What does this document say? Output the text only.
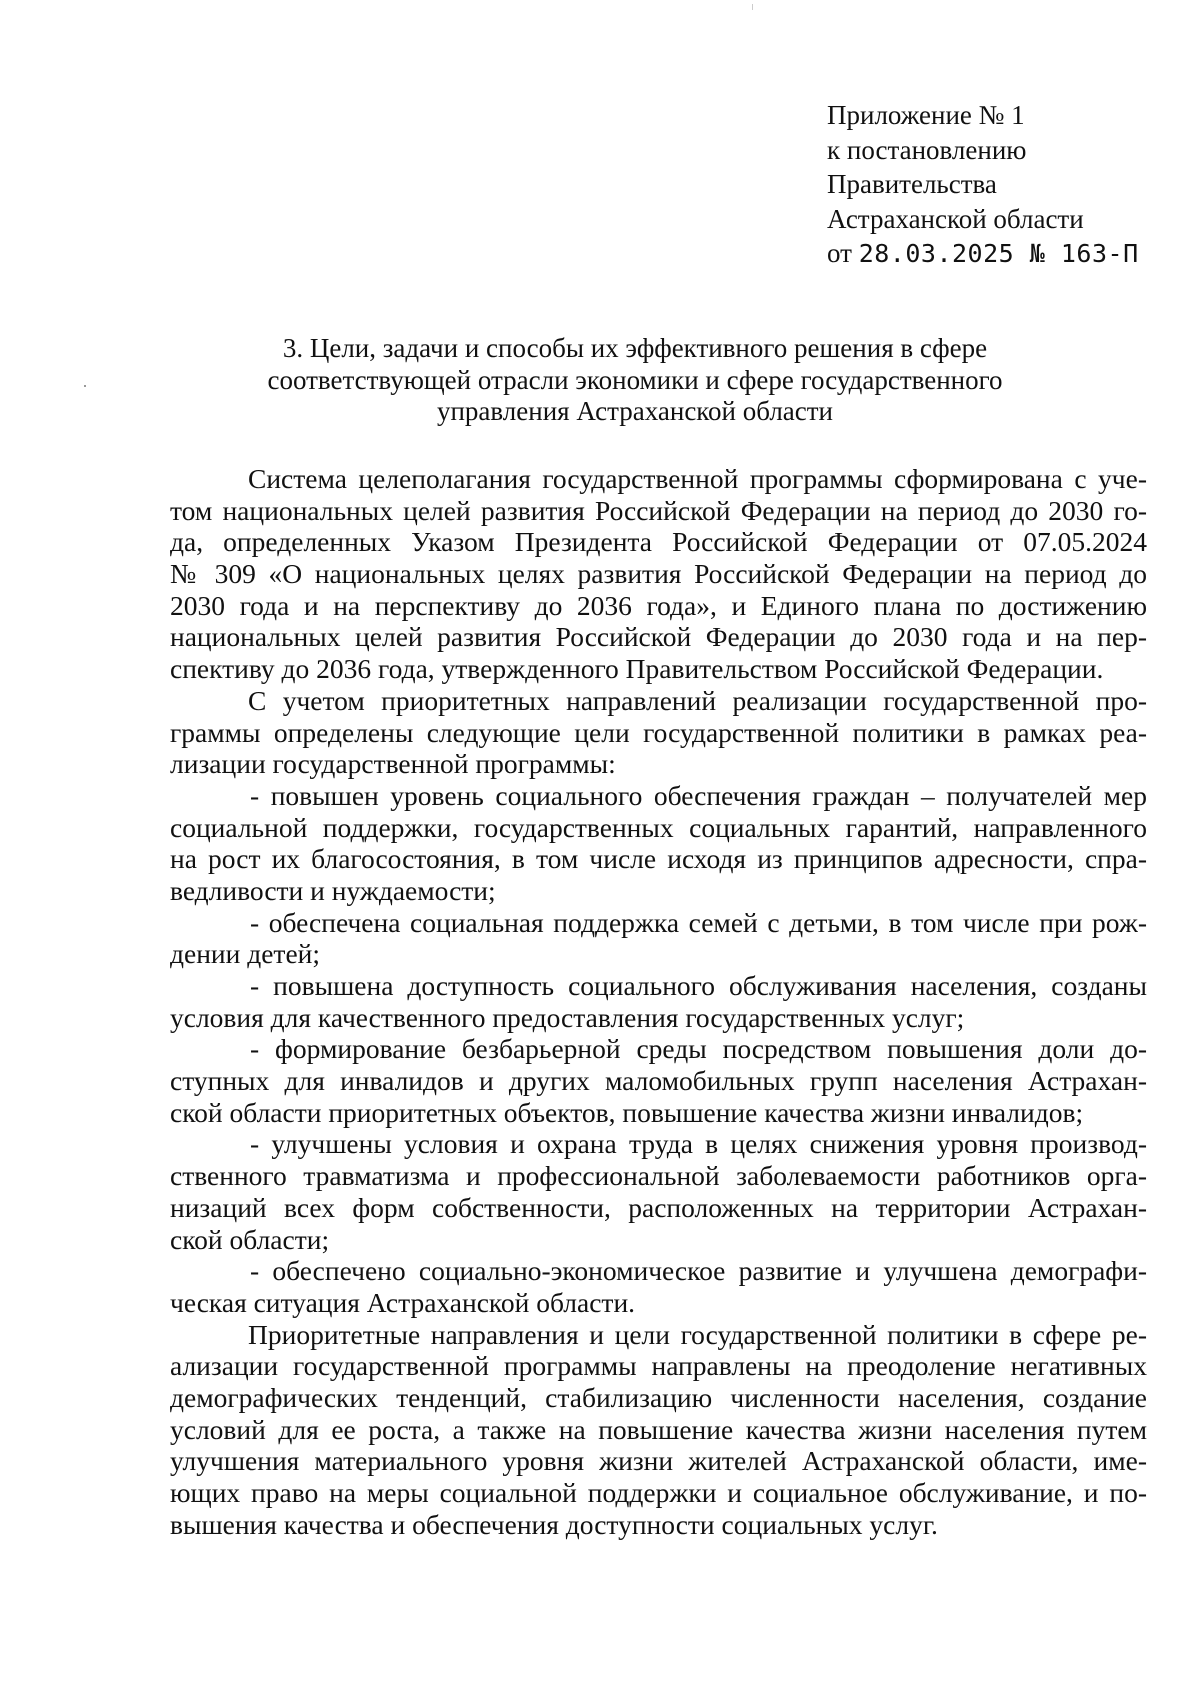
Приложение № 1
к постановлению
Правительства
Астраханской области
от 28.03.2025 № 163-П
3. Цели, задачи и способы их эффективного решения в сфере
соответствующей отрасли экономики и сфере государственного
управления Астраханской области
Система целеполагания государственной программы сформирована с уче-
том национальных целей развития Российской Федерации на период до 2030 го-
да, определенных Указом Президента Российской Федерации от 07.05.2024
№ 309 «О национальных целях развития Российской Федерации на период до
2030 года и на перспективу до 2036 года», и Единого плана по достижению
национальных целей развития Российской Федерации до 2030 года и на пер-
спективу до 2036 года, утвержденного Правительством Российской Федерации.
С учетом приоритетных направлений реализации государственной про-
граммы определены следующие цели государственной политики в рамках реа-
лизации государственной программы:
- повышен уровень социального обеспечения граждан – получателей мер
социальной поддержки, государственных социальных гарантий, направленного
на рост их благосостояния, в том числе исходя из принципов адресности, спра-
ведливости и нуждаемости;
- обеспечена социальная поддержка семей с детьми, в том числе при рож-
дении детей;
- повышена доступность социального обслуживания населения, созданы
условия для качественного предоставления государственных услуг;
- формирование безбарьерной среды посредством повышения доли до-
ступных для инвалидов и других маломобильных групп населения Астрахан-
ской области приоритетных объектов, повышение качества жизни инвалидов;
- улучшены условия и охрана труда в целях снижения уровня производ-
ственного травматизма и профессиональной заболеваемости работников орга-
низаций всех форм собственности, расположенных на территории Астрахан-
ской области;
- обеспечено социально-экономическое развитие и улучшена демографи-
ческая ситуация Астраханской области.
Приоритетные направления и цели государственной политики в сфере ре-
ализации государственной программы направлены на преодоление негативных
демографических тенденций, стабилизацию численности населения, создание
условий для ее роста, а также на повышение качества жизни населения путем
улучшения материального уровня жизни жителей Астраханской области, име-
ющих право на меры социальной поддержки и социальное обслуживание, и по-
вышения качества и обеспечения доступности социальных услуг.
